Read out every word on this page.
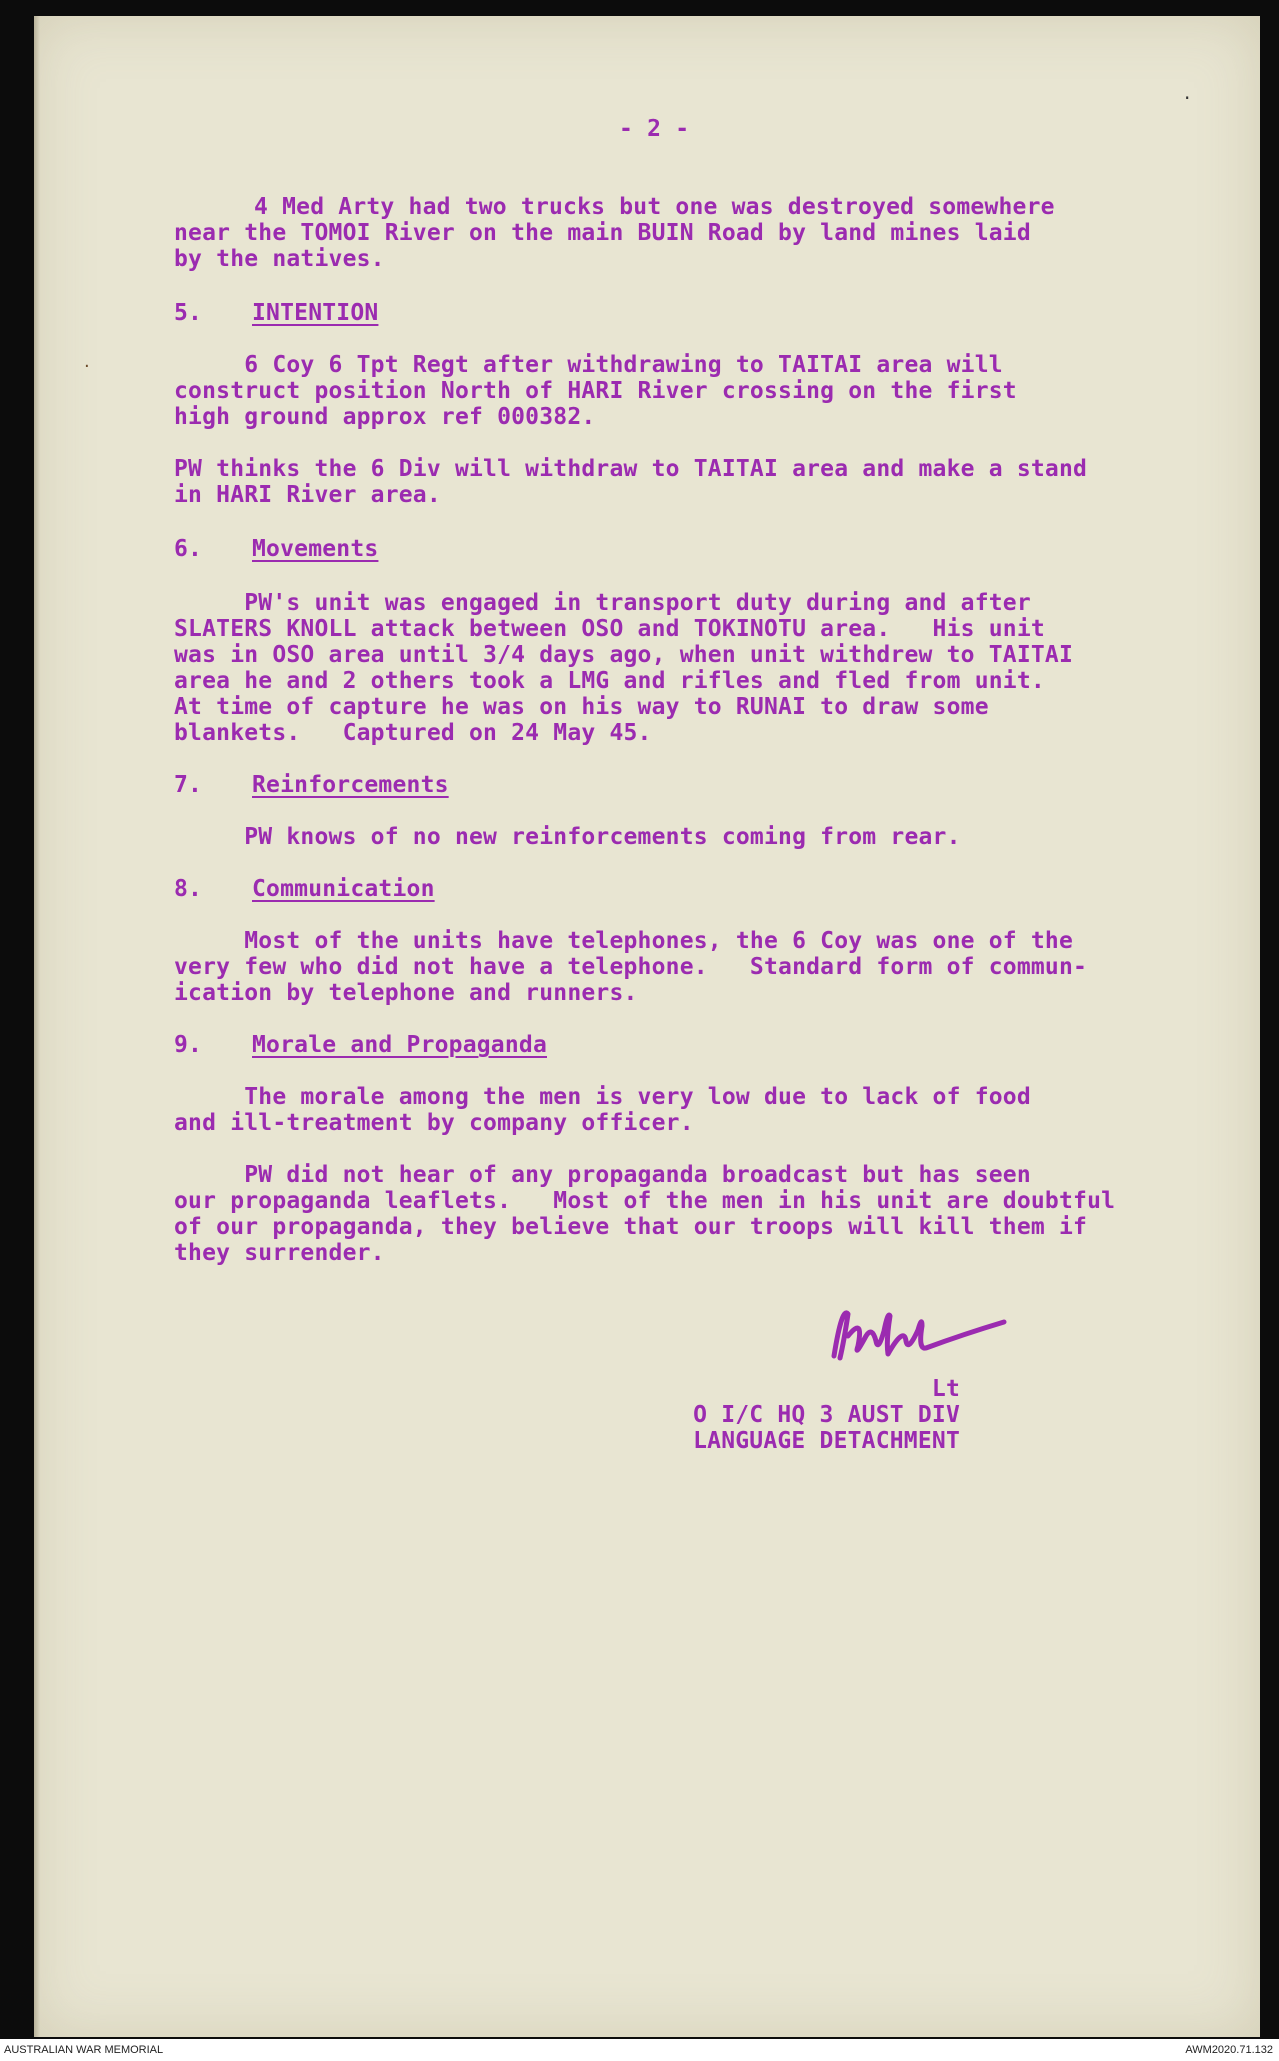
- 2 -
4 Med Arty had two trucks but one was destroyed somewhere
near the TOMOI River on the main BUIN Road by land mines laid
by the natives.
5. INTENTION
6 Coy 6 Tpt Regt after withdrawing to TAITAI area will
construct position North of HARI River crossing on the first
high ground approx ref 000382.
PW thinks the 6 Div will withdraw to TAITAI area and make a stand
in HARI River area.
6. Movements
PW's unit was engaged in transport duty during and after
SLATERS KNOLL attack between OSO and TOKINOTU area.   His unit
was in OSO area until 3/4 days ago, when unit withdrew to TAITAI
area he and 2 others took a LMG and rifles and fled from unit.
At time of capture he was on his way to RUNAI to draw some
blankets.   Captured on 24 May 45.
7. Reinforcements
PW knows of no new reinforcements coming from rear.
8. Communication
Most of the units have telephones, the 6 Coy was one of the
very few who did not have a telephone.   Standard form of commun-
ication by telephone and runners.
9. Morale and Propaganda
The morale among the men is very low due to lack of food
and ill-treatment by company officer.
PW did not hear of any propaganda broadcast but has seen
our propaganda leaflets.   Most of the men in his unit are doubtful
of our propaganda, they believe that our troops will kill them if
they surrender.
Lt
O I/C HQ 3 AUST DIV
LANGUAGE DETACHMENT
·
·
AUSTRALIAN WAR MEMORIAL	AWM2020.71.132
